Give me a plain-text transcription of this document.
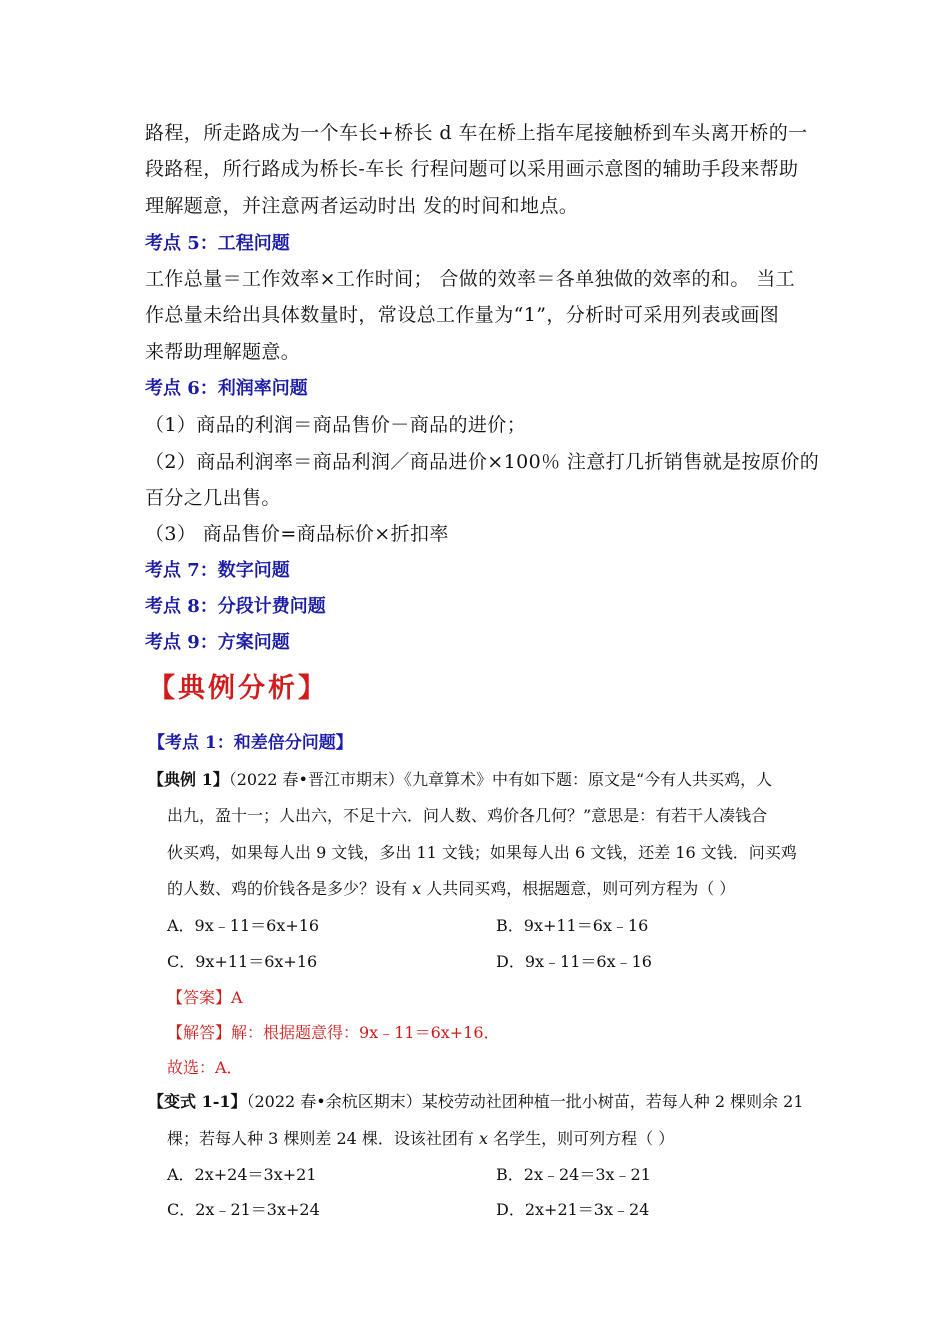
路程，所走路成为一个车长+桥长 d 车在桥上指车尾接触桥到车头离开桥的一
段路程，所行路成为桥长-车长 行程问题可以采用画示意图的辅助手段来帮助
理解题意，并注意两者运动时出 发的时间和地点。
考点 5：工程问题
工作总量＝工作效率×工作时间； 合做的效率＝各单独做的效率的和。 当工
作总量未给出具体数量时，常设总工作量为“1”，分析时可采用列表或画图
来帮助理解题意。
考点 6：利润率问题
（1）商品的利润＝商品售价－商品的进价；
（2）商品利润率＝商品利润／商品进价×100％ 注意打几折销售就是按原价的
百分之几出售。
（3） 商品售价=商品标价×折扣率
考点 7：数字问题
考点 8：分段计费问题
考点 9：方案问题
【典例分析】
【考点 1：和差倍分问题】
【典例 1】（2022 春•晋江市期末）《九章算术》中有如下题：原文是“今有人共买鸡，人
出九，盈十一；人出六，不足十六．问人数、鸡价各几何？”意思是：有若干人凑钱合
伙买鸡，如果每人出 9 文钱，多出 11 文钱；如果每人出 6 文钱，还差 16 文钱．问买鸡
的人数、鸡的价钱各是多少？设有 x 人共同买鸡，根据题意，则可列方程为（ ）
A．9x﹣11＝6x+16	B．9x+11＝6x﹣16
C．9x+11＝6x+16	D．9x﹣11＝6x﹣16
【答案】A
【解答】解：根据题意得：9x﹣11＝6x+16．
故选：A．
【变式 1-1】（2022 春•余杭区期末）某校劳动社团种植一批小树苗，若每人种 2 棵则余 21
棵；若每人种 3 棵则差 24 棵．设该社团有 x 名学生，则可列方程（ ）
A．2x+24＝3x+21	B．2x﹣24＝3x﹣21
C．2x﹣21＝3x+24	D．2x+21＝3x﹣24
